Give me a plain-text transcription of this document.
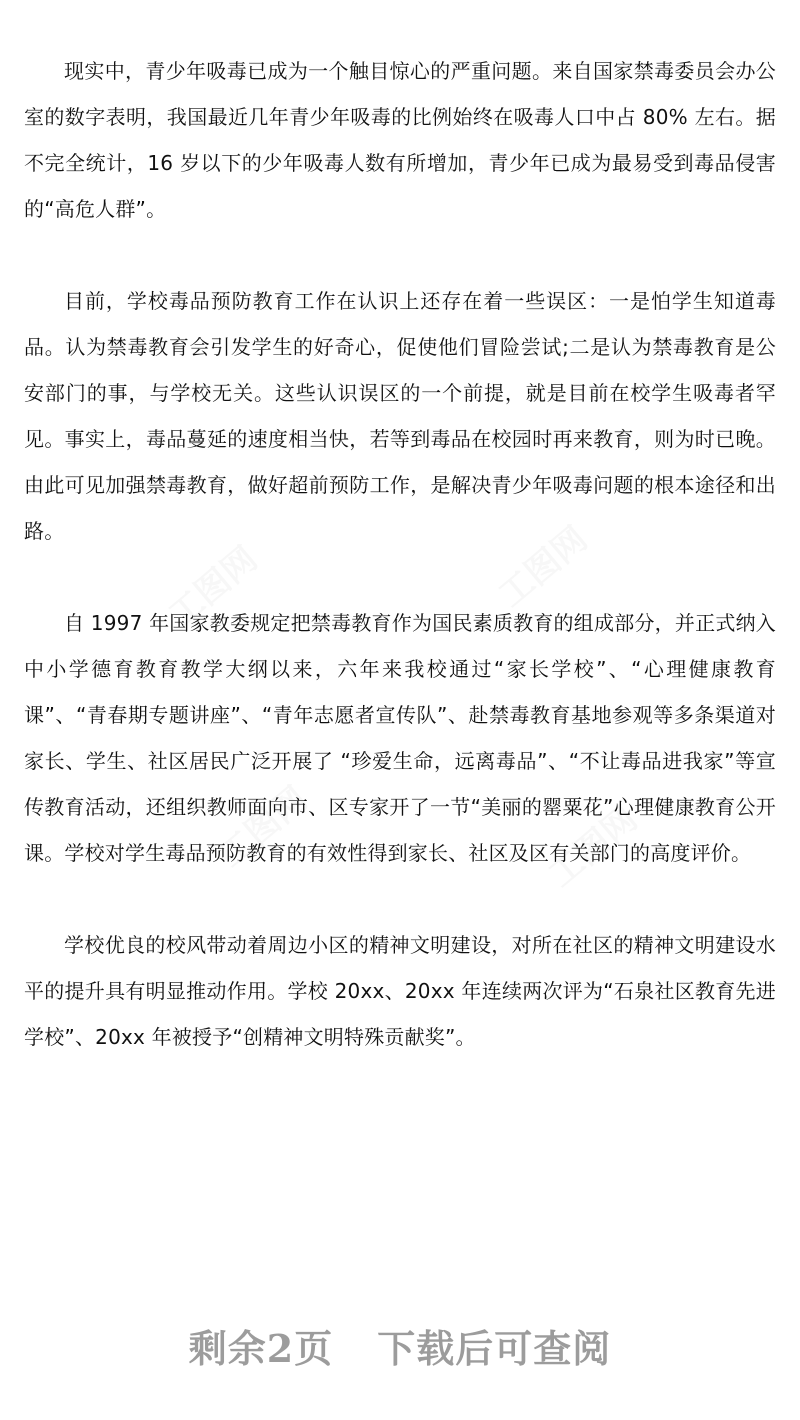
工图网	工图网
工图网	工图网

现实中，青少年吸毒已成为一个触目惊心的严重问题。来自国家禁毒委员会办公室的数字表明，我国最近几年青少年吸毒的比例始终在吸毒人口中占 80% 左右。据不完全统计，16 岁以下的少年吸毒人数有所增加，青少年已成为最易受到毒品侵害的“高危人群”。

目前，学校毒品预防教育工作在认识上还存在着一些误区：一是怕学生知道毒品。认为禁毒教育会引发学生的好奇心，促使他们冒险尝试;二是认为禁毒教育是公安部门的事，与学校无关。这些认识误区的一个前提，就是目前在校学生吸毒者罕见。事实上，毒品蔓延的速度相当快，若等到毒品在校园时再来教育，则为时已晚。由此可见加强禁毒教育，做好超前预防工作，是解决青少年吸毒问题的根本途径和出路。

自 1997 年国家教委规定把禁毒教育作为国民素质教育的组成部分，并正式纳入中小学德育教育教学大纲以来，六年来我校通过“家长学校”、“心理健康教育课”、“青春期专题讲座”、“青年志愿者宣传队”、赴禁毒教育基地参观等多条渠道对家长、学生、社区居民广泛开展了 “珍爱生命，远离毒品”、“不让毒品进我家”等宣传教育活动，还组织教师面向市、区专家开了一节“美丽的罂粟花”心理健康教育公开课。学校对学生毒品预防教育的有效性得到家长、社区及区有关部门的高度评价。

学校优良的校风带动着周边小区的精神文明建设，对所在社区的精神文明建设水平的提升具有明显推动作用。学校 20xx、20xx 年连续两次评为“石泉社区教育先进学校”、20xx 年被授予“创精神文明特殊贡献奖”。

剩余2页 下载后可查阅
